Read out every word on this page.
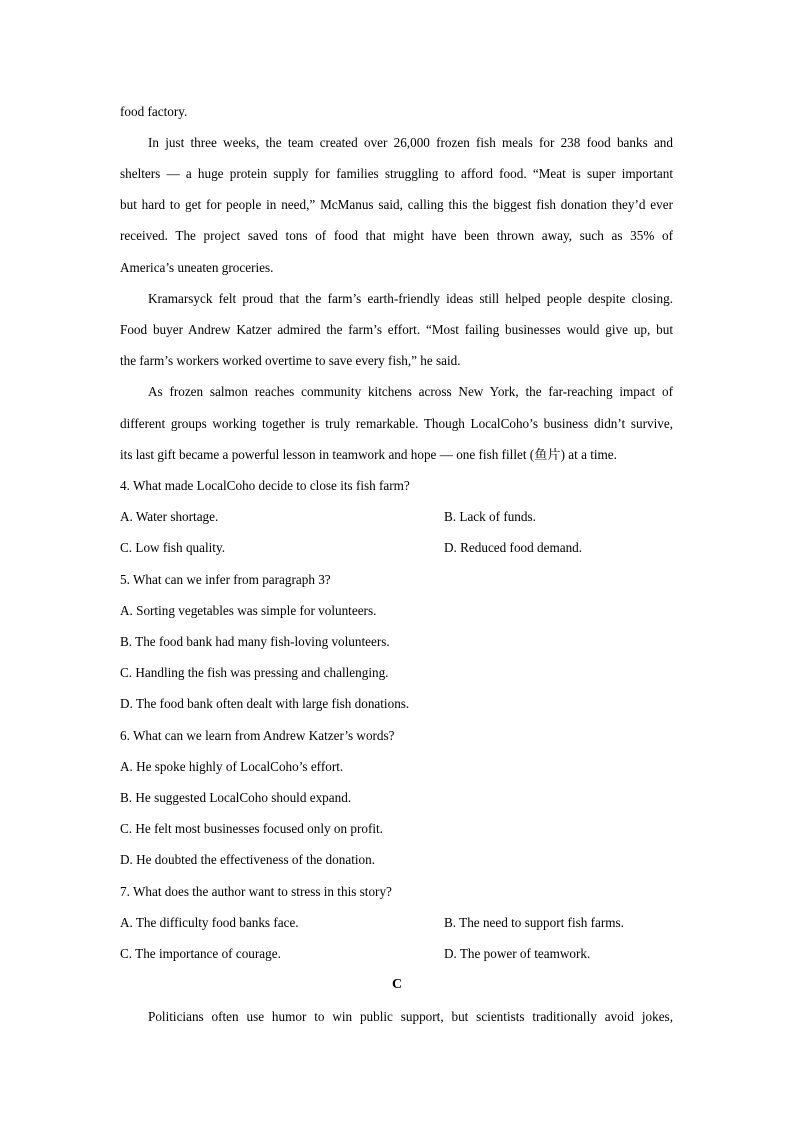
food factory.
In just three weeks, the team created over 26,000 frozen fish meals for 238 food banks and
shelters — a huge protein supply for families struggling to afford food. “Meat is super important
but hard to get for people in need,” McManus said, calling this the biggest fish donation they’d ever
received. The project saved tons of food that might have been thrown away, such as 35% of
America’s uneaten groceries.
Kramarsyck felt proud that the farm’s earth-friendly ideas still helped people despite closing.
Food buyer Andrew Katzer admired the farm’s effort. “Most failing businesses would give up, but
the farm’s workers worked overtime to save every fish,” he said.
As frozen salmon reaches community kitchens across New York, the far-reaching impact of
different groups working together is truly remarkable. Though LocalCoho’s business didn’t survive,
its last gift became a powerful lesson in teamwork and hope — one fish fillet (鱼片) at a time.
4. What made LocalCoho decide to close its fish farm?
A. Water shortage.	B. Lack of funds.
C. Low fish quality.	D. Reduced food demand.
5. What can we infer from paragraph 3?
A. Sorting vegetables was simple for volunteers.
B. The food bank had many fish-loving volunteers.
C. Handling the fish was pressing and challenging.
D. The food bank often dealt with large fish donations.
6. What can we learn from Andrew Katzer’s words?
A. He spoke highly of LocalCoho’s effort.
B. He suggested LocalCoho should expand.
C. He felt most businesses focused only on profit.
D. He doubted the effectiveness of the donation.
7. What does the author want to stress in this story?
A. The difficulty food banks face.	B. The need to support fish farms.
C. The importance of courage.	D. The power of teamwork.
C
Politicians often use humor to win public support, but scientists traditionally avoid jokes,
